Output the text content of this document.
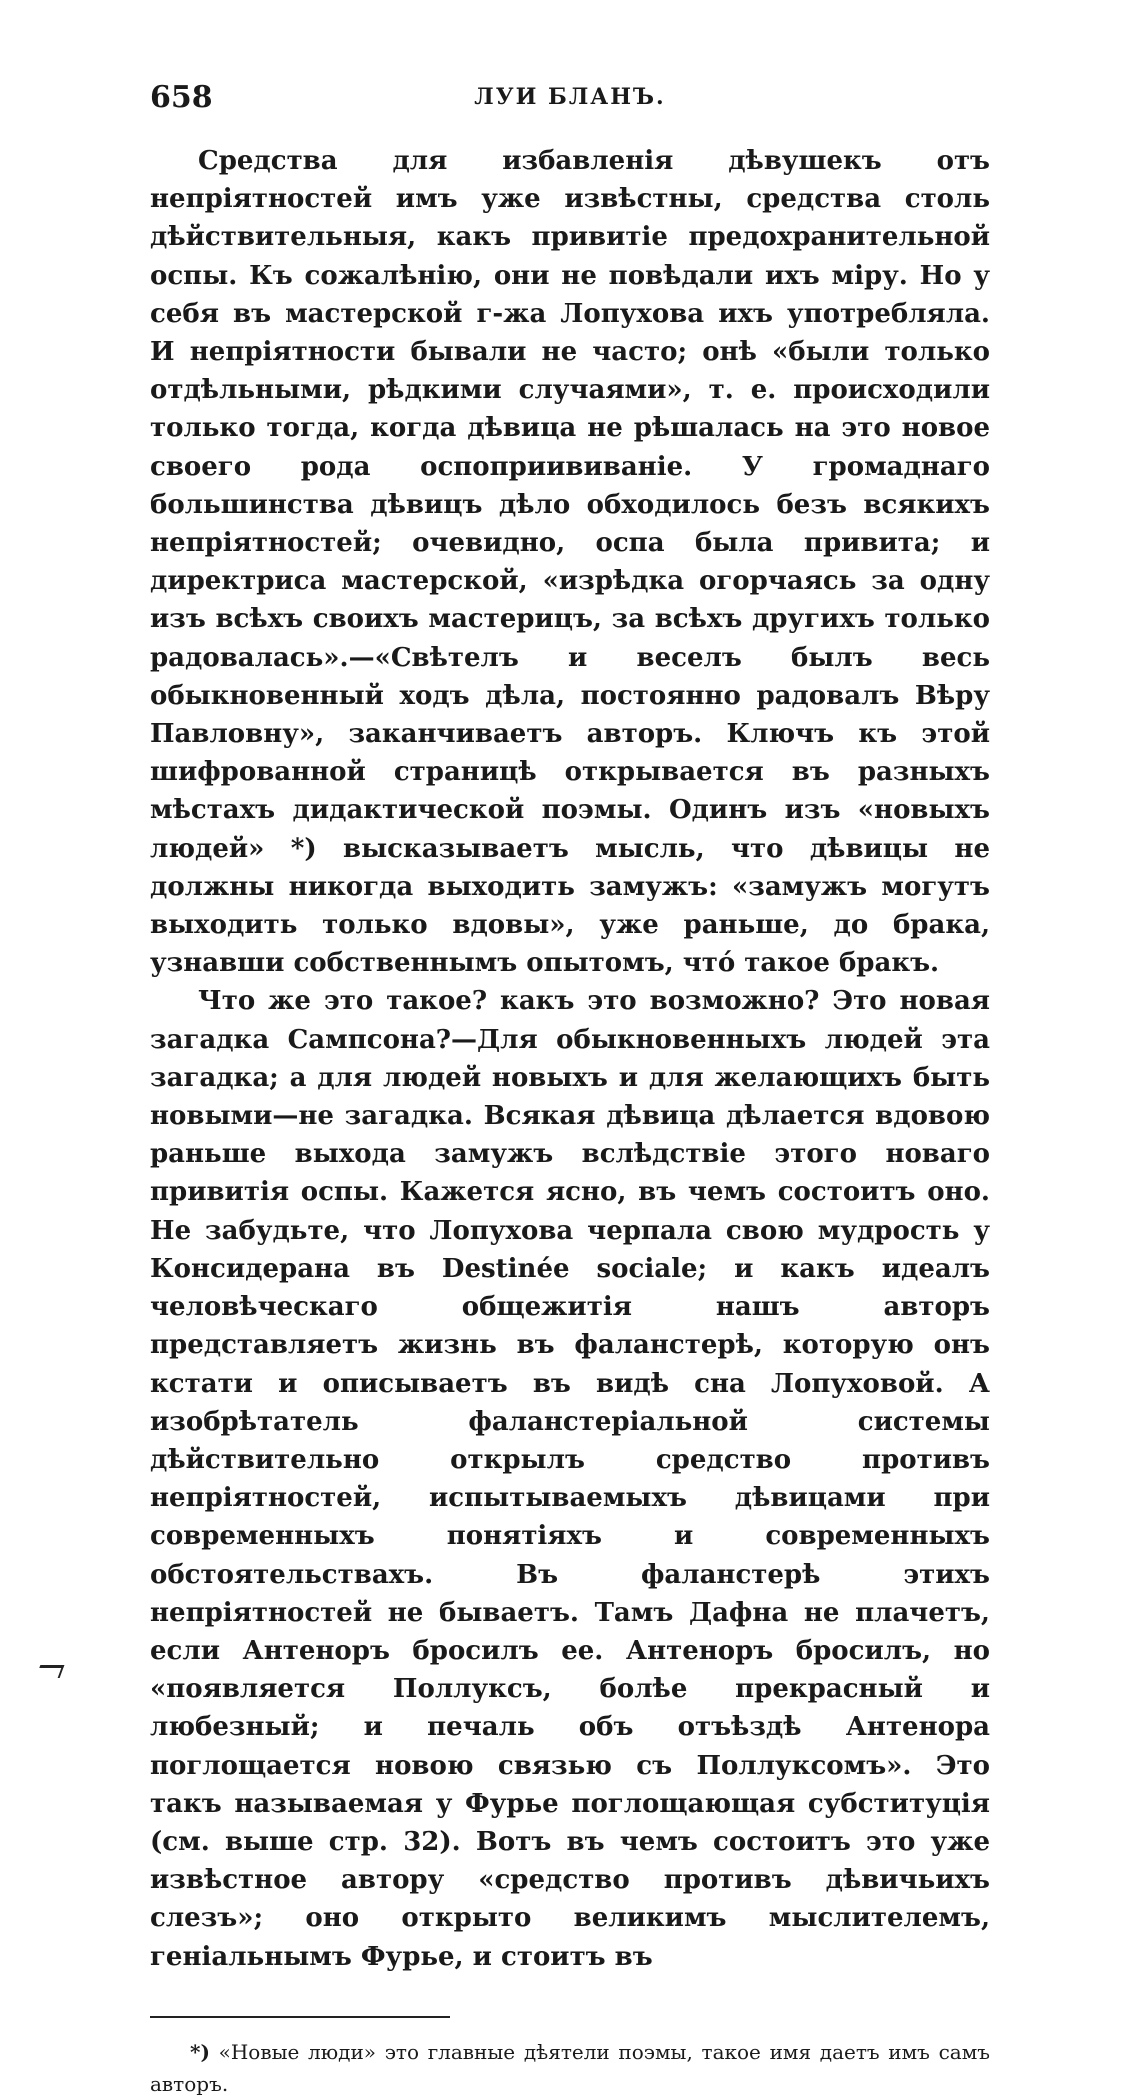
658	ЛУИ БЛАНЪ.

Средства для избавленія дѣвушекъ отъ непріятностей имъ уже извѣстны, средства столь дѣйствительныя, какъ привитіе предохранительной оспы. Къ сожалѣнію, они не повѣдали ихъ міру. Но у себя въ мастерской г-жа Лопухова ихъ употребляла. И непріятности бывали не часто; онѣ «были только отдѣльными, рѣдкими случаями», т. е. происходили только тогда, когда дѣвица не рѣшалась на это новое своего рода оспоприививаніе. У громаднаго большинства дѣвицъ дѣло обходилось безъ всякихъ непріятностей; очевидно, оспа была привита; и директриса мастерской, «изрѣдка огорчаясь за одну изъ всѣхъ своихъ мастерицъ, за всѣхъ другихъ только радовалась».—«Свѣтелъ и веселъ былъ весь обыкновенный ходъ дѣла, постоянно радовалъ Вѣру Павловну», заканчиваетъ авторъ. Ключъ къ этой шифрованной страницѣ открывается въ разныхъ мѣстахъ дидактической поэмы. Одинъ изъ «новыхъ людей» *) высказываетъ мысль, что дѣвицы не должны никогда выходить замужъ: «замужъ могутъ выходить только вдовы», уже раньше, до брака, узнавши собственнымъ опытомъ, чтó такое бракъ.

Что же это такое? какъ это возможно? Это новая загадка Сампсона?—Для обыкновенныхъ людей эта загадка; а для людей новыхъ и для желающихъ быть новыми—не загадка. Всякая дѣвица дѣлается вдовою раньше выхода замужъ вслѣдствіе этого новаго привитія оспы. Кажется ясно, въ чемъ состоитъ оно. Не забудьте, что Лопухова черпала свою мудрость у Консидерана въ Destinée sociale; и какъ идеалъ человѣческаго общежитія нашъ авторъ представляетъ жизнь въ фаланстерѣ, которую онъ кстати и описываетъ въ видѣ сна Лопуховой. А изобрѣтатель фаланстеріальной системы дѣйствительно открылъ средство противъ непріятностей, испытываемыхъ дѣвицами при современныхъ понятіяхъ и современныхъ обстоятельствахъ. Въ фаланстерѣ этихъ непріятностей не бываетъ. Тамъ Дафна не плачетъ, если Антенoръ бросилъ ее. Антенoръ бросилъ, но «появляется Поллуксъ, болѣе прекрасный и любезный; и печаль объ отъѣздѣ Антенора поглощается новою связью съ Поллуксомъ». Это такъ называемая у Фурье поглощающая субституція (см. выше стр. 32). Вотъ въ чемъ состоитъ это уже извѣстное автору «средство противъ дѣвичьихъ слезъ»; оно открыто великимъ мыслителемъ, геніальнымъ Фурье, и стоитъ въ

*) «Новые люди» это главные дѣятели поэмы, такое имя даетъ имъ самъ авторъ.
